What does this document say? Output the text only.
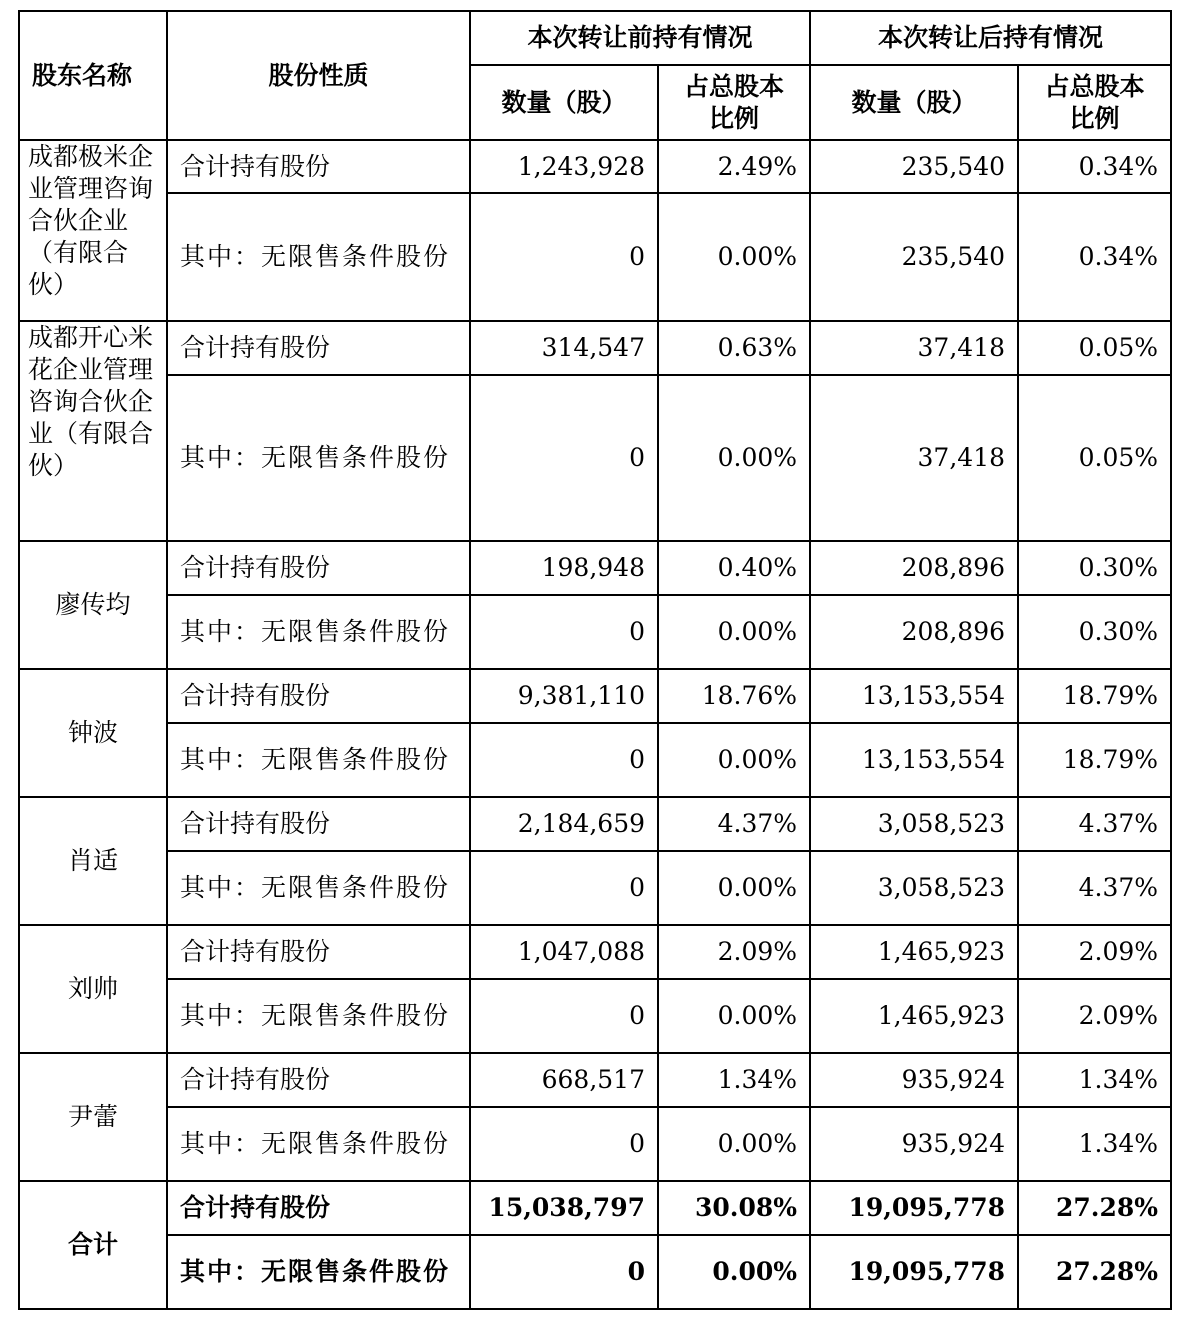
股东名称	股份性质	本次转让前持有情况		本次转让后持有情况	
		数量（股）	占总股本比例	数量（股）	占总股本比例
成都极米企业管理咨询合伙企业（有限合伙）	合计持有股份	1,243,928	2.49%	235,540	0.34%
	其中：无限售条件股份	0	0.00%	235,540	0.34%
成都开心米花企业管理咨询合伙企业（有限合伙）	合计持有股份	314,547	0.63%	37,418	0.05%
	其中：无限售条件股份	0	0.00%	37,418	0.05%
廖传均	合计持有股份	198,948	0.40%	208,896	0.30%
	其中：无限售条件股份	0	0.00%	208,896	0.30%
钟波	合计持有股份	9,381,110	18.76%	13,153,554	18.79%
	其中：无限售条件股份	0	0.00%	13,153,554	18.79%
肖适	合计持有股份	2,184,659	4.37%	3,058,523	4.37%
	其中：无限售条件股份	0	0.00%	3,058,523	4.37%
刘帅	合计持有股份	1,047,088	2.09%	1,465,923	2.09%
	其中：无限售条件股份	0	0.00%	1,465,923	2.09%
尹蕾	合计持有股份	668,517	1.34%	935,924	1.34%
	其中：无限售条件股份	0	0.00%	935,924	1.34%
合计	合计持有股份	15,038,797	30.08%	19,095,778	27.28%
	其中：无限售条件股份	0	0.00%	19,095,778	27.28%
